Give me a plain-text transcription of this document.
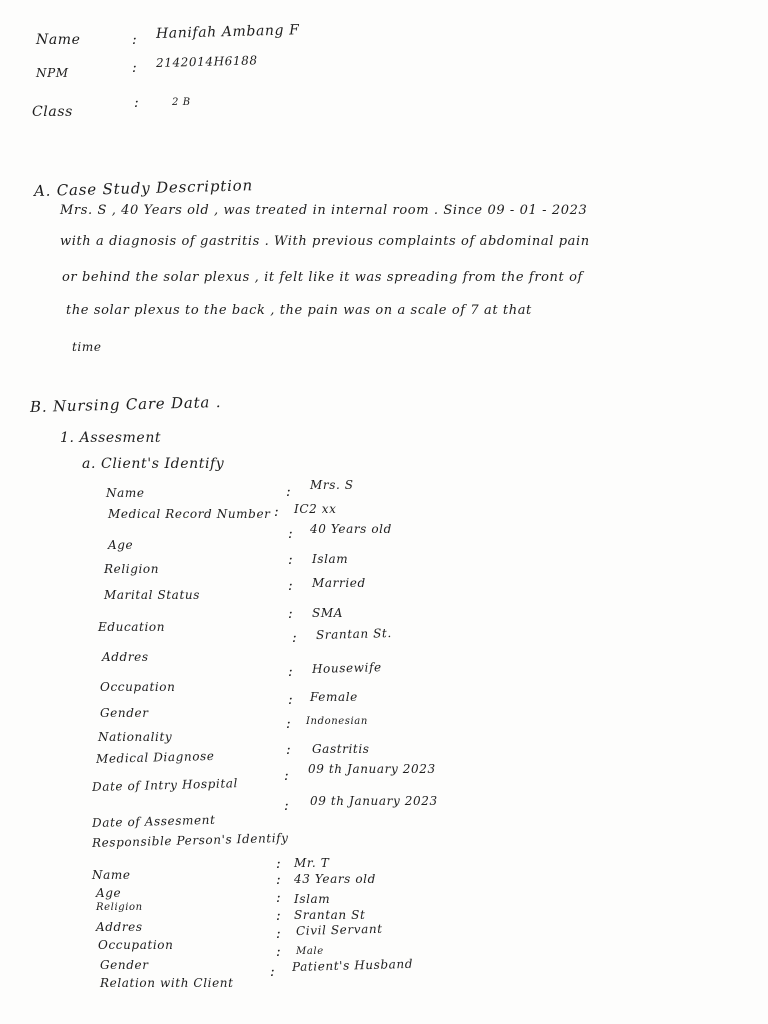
Name	: Hanifah Ambang F
NPM	: 2142014H6188
Class
:	2 B
A. Case Study Description
Mrs. S , 40 Years old , was treated in internal room . Since 09 - 01 - 2023
with a diagnosis of gastritis . With previous complaints of abdominal pain
or behind the solar plexus , it felt like it was spreading from the front of
the solar plexus to the back , the pain was on a scale of 7 at that
time
B. Nursing Care Data .
1. Assesment
a. Client's Identify
Name	: Mrs. S
Medical Record Number : IC2 xx
Age
: 40 Years old
Religion
: Islam
Marital Status
: Married
Education
: SMA
Addres
: Srantan St.
Occupation
: Housewife
Gender
: Female
Nationality
: Indonesian
Medical Diagnose	: Gastritis
Date of Intry Hospital
: 09 th January 2023
Date of Assesment
: 09 th January 2023
Responsible Person's Identify
Name
: Mr. T
Age
: 43 Years old
Religion
: Islam
Addres
: Srantan St
Occupation
: Civil Servant
Gender
: Male
Relation with Client
: Patient's Husband
